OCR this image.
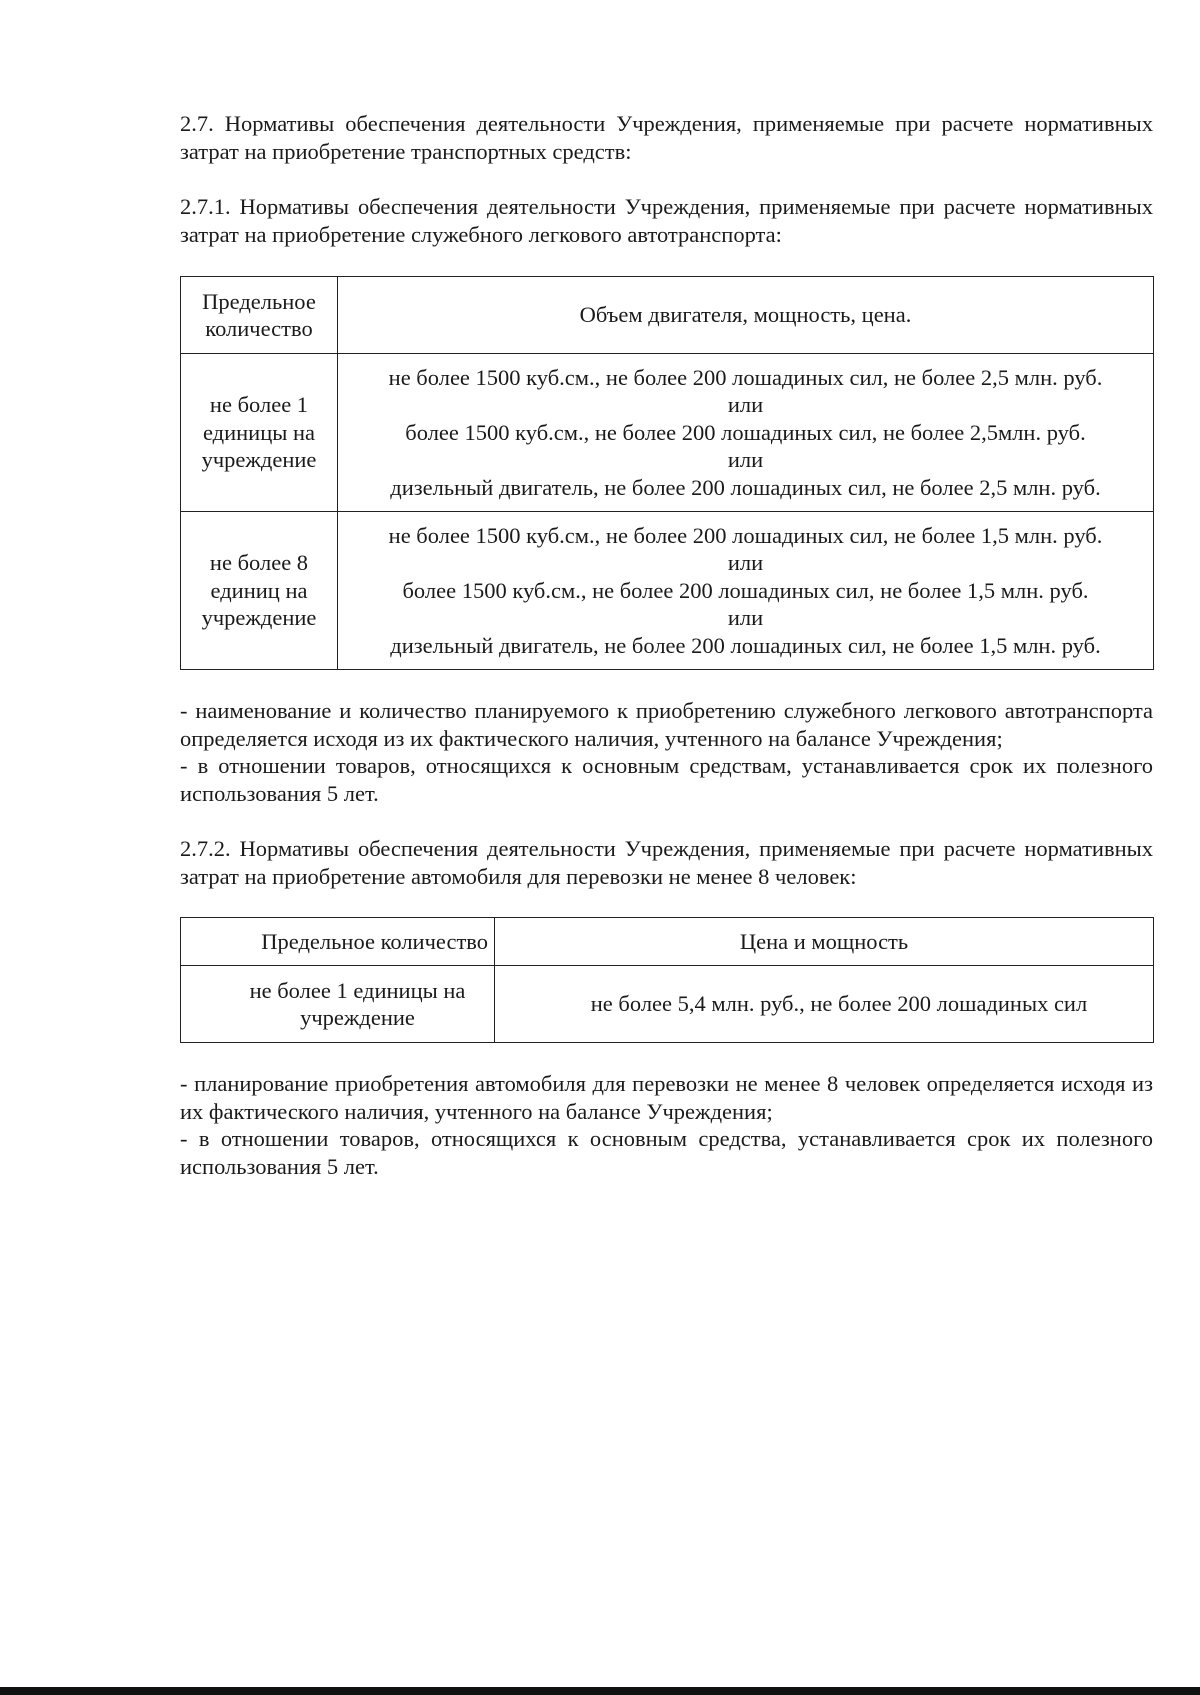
2.7. Нормативы обеспечения деятельности Учреждения, применяемые при расчете нормативных затрат на приобретение транспортных средств:

2.7.1. Нормативы обеспечения деятельности Учреждения, применяемые при расчете нормативных затрат на приобретение служебного легкового автотранспорта:

Предельное количество	Объем двигателя, мощность, цена.
не более 1 единицы на учреждение	не более 1500 куб.см., не более 200 лошадиных сил, не более 2,5 млн. руб.
или
более 1500 куб.см., не более 200 лошадиных сил, не более 2,5млн. руб.
или
дизельный двигатель, не более 200 лошадиных сил, не более 2,5 млн. руб.

не более 8 единиц на учреждение	не более 1500 куб.см., не более 200 лошадиных сил, не более 1,5 млн. руб.
или
более 1500 куб.см., не более 200 лошадиных сил, не более 1,5 млн. руб.
или
дизельный двигатель, не более 200 лошадиных сил, не более 1,5 млн. руб.

- наименование и количество планируемого к приобретению служебного легкового автотранспорта определяется исходя из их фактического наличия, учтенного на балансе Учреждения;

- в отношении товаров, относящихся к основным средствам, устанавливается срок их полезного использования 5 лет.

2.7.2. Нормативы обеспечения деятельности Учреждения, применяемые при расчете нормативных затрат на приобретение автомобиля для перевозки не менее 8 человек:

Предельное количество	Цена и мощность
не более 1 единицы на учреждение	не более 5,4 млн. руб., не более 200 лошадиных сил

- планирование приобретения автомобиля для перевозки не менее 8 человек определяется исходя из их фактического наличия, учтенного на балансе Учреждения;

- в отношении товаров, относящихся к основным средства, устанавливается срок их полезного использования 5 лет.
